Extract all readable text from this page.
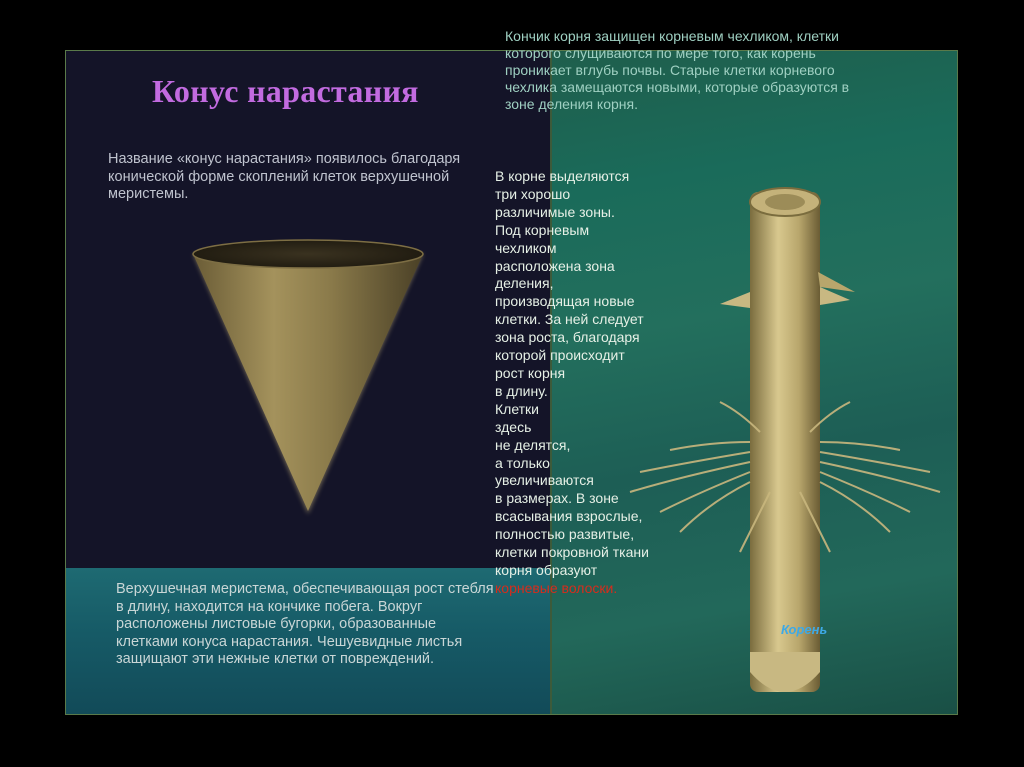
Конус нарастания
Название «конус нарастания» появилось благодаря конической форме скоплений клеток верхушечной меристемы.
Верхушечная меристема, обеспечивающая рост стебля в длину, находится на кончике побега. Вокруг расположены листовые бугорки, образованные клетками конуса нарастания. Чешуевидные листья защищают эти нежные клетки от повреждений.
Кончик корня защищен корневым чехликом, клетки которого слущиваются по мере того, как корень проникает вглубь почвы. Старые клетки корневого чехлика замещаются новыми, которые образуются в зоне деления корня.
В корне выделяются
три хорошо
различимые зоны.
Под корневым
чехликом
расположена зона
деления,
производящая новые
клетки. За ней следует
зона роста, благодаря
которой происходит
рост корня
в длину.
Клетки
здесь
не делятся,
а только
увеличиваются
в размерах. В зоне
всасывания взрослые,
полностью развитые,
клетки покровной ткани
корня образуют
корневые волоски.
Корень
